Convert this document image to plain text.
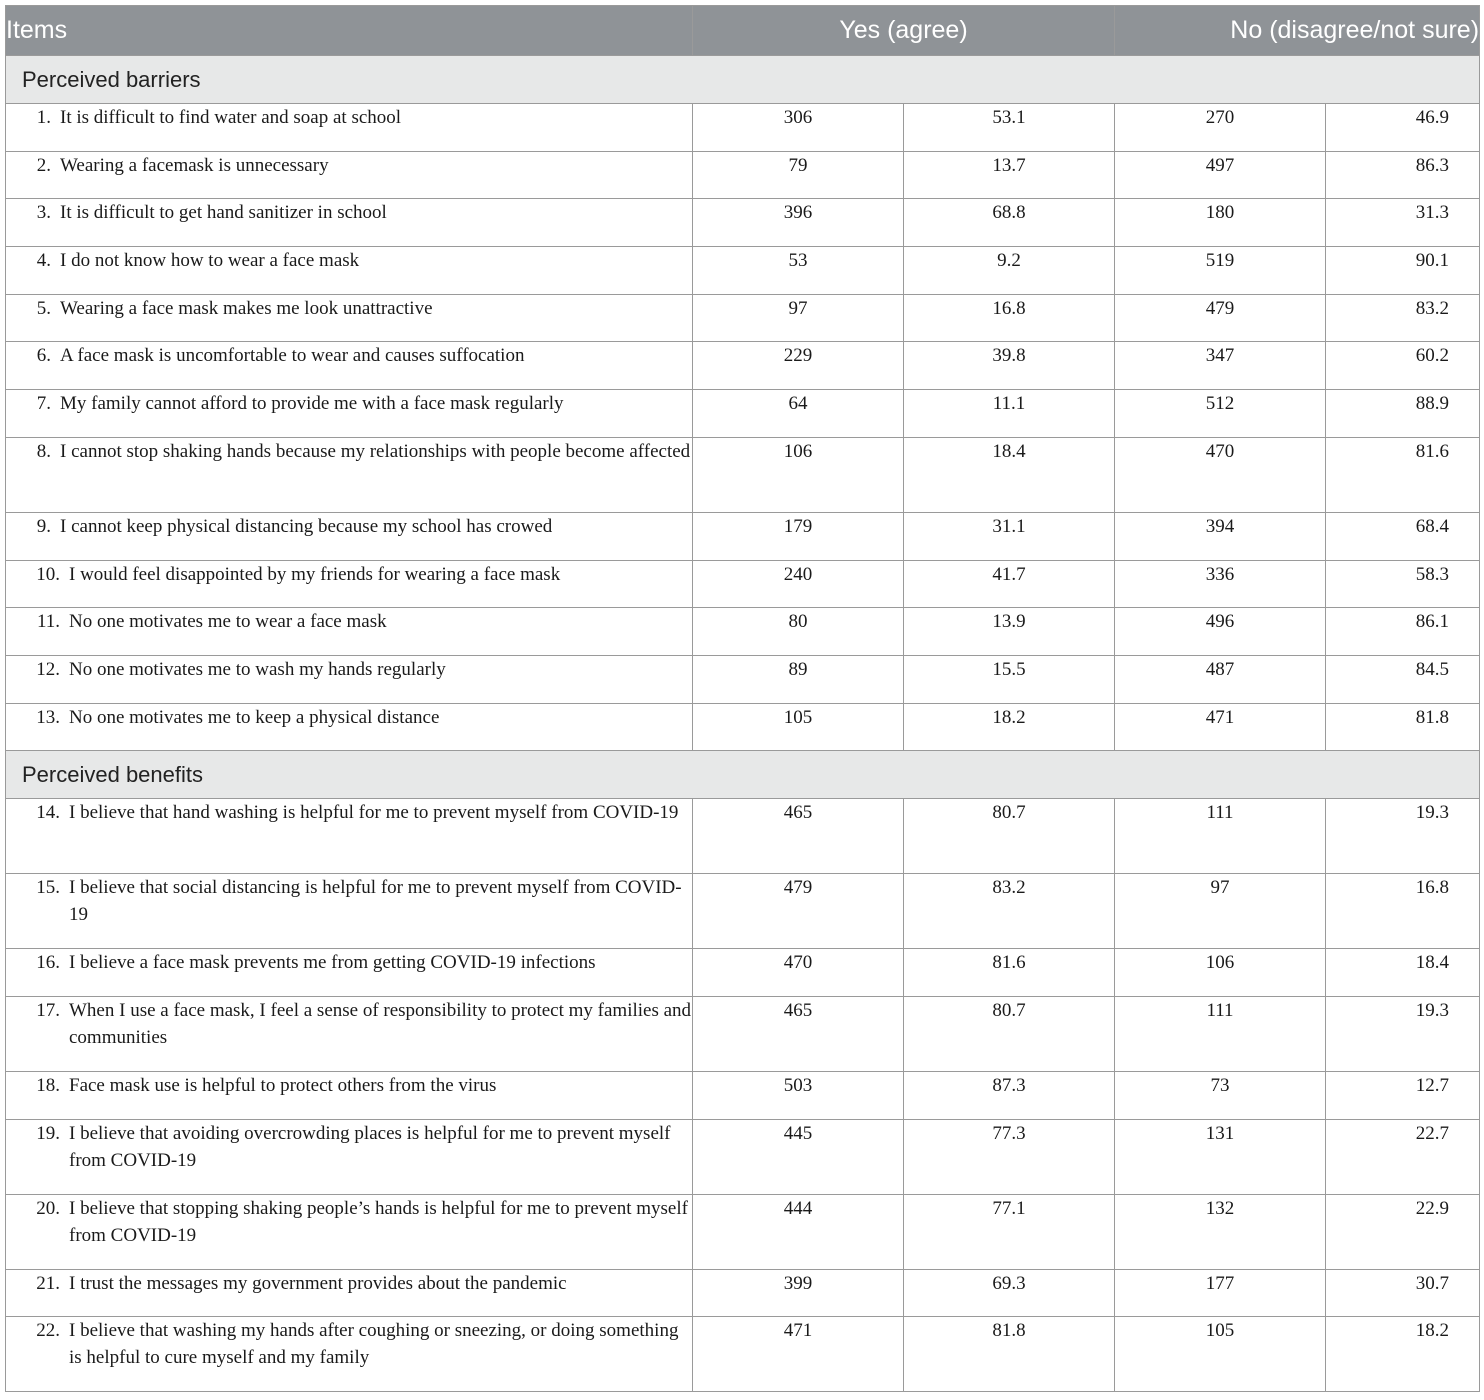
Items	Yes (agree)		No (disagree/not sure)	
Perceived barriers				

1. It is difficult to find water and soap at school	306	53.1	270	46.9

2. Wearing a facemask is unnecessary	79	13.7	497	86.3

3. It is difficult to get hand sanitizer in school	396	68.8	180	31.3

4. I do not know how to wear a face mask	53	9.2	519	90.1

5. Wearing a face mask makes me look unattractive	97	16.8	479	83.2

6. A face mask is uncomfortable to wear and causes suffocation	229	39.8	347	60.2

7. My family cannot afford to provide me with a face mask regularly	64	11.1	512	88.9

8. I cannot stop shaking hands because my relationships with people become affected	106	18.4	470	81.6

9. I cannot keep physical distancing because my school has crowed	179	31.1	394	68.4

10. I would feel disappointed by my friends for wearing a face mask	240	41.7	336	58.3

11. No one motivates me to wear a face mask	80	13.9	496	86.1

12. No one motivates me to wash my hands regularly	89	15.5	487	84.5

13. No one motivates me to keep a physical distance	105	18.2	471	81.8
Perceived benefits				

14. I believe that hand washing is helpful for me to prevent myself from COVID-19	465	80.7	111	19.3

15. I believe that social distancing is helpful for me to prevent myself from COVID-19	479	83.2	97	16.8

16. I believe a face mask prevents me from getting COVID-19 infections	470	81.6	106	18.4

17. When I use a face mask, I feel a sense of responsibility to protect my families and communities	465	80.7	111	19.3

18. Face mask use is helpful to protect others from the virus	503	87.3	73	12.7

19. I believe that avoiding overcrowding places is helpful for me to prevent myself from COVID-19	445	77.3	131	22.7

20. I believe that stopping shaking people’s hands is helpful for me to prevent myself from COVID-19	444	77.1	132	22.9

21. I trust the messages my government provides about the pandemic	399	69.3	177	30.7

22. I believe that washing my hands after coughing or sneezing, or doing something is helpful to cure myself and my family	471	81.8	105	18.2
